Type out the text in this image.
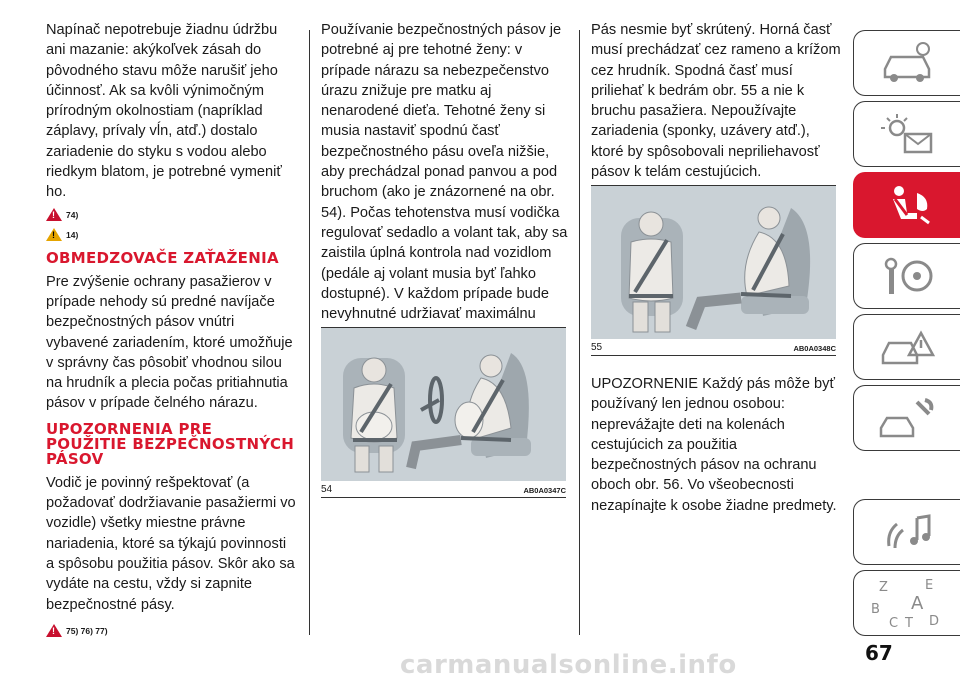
Napínač nepotrebuje žiadnu údržbu ani mazanie: akýkoľvek zásah do pôvodného stavu môže narušiť jeho účinnosť. Ak sa kvôli výnimočným prírodným okolnostiam (napríklad záplavy, prívaly vĺn, atď.) dostalo zariadenie do styku s vodou alebo riedkym blatom, je potrebné vymeniť ho.

!
74)
!
14)
OBMEDZOVAČE ZAŤAŽENIA

Pre zvýšenie ochrany pasažierov v prípade nehody sú predné navíjače bezpečnostných pásov vnútri vybavené zariadením, ktoré umožňuje v správny čas pôsobiť vhodnou silou na hrudník a plecia počas pritiahnutia pásov v prípade čelného nárazu.

UPOZORNENIA PRE POUŽITIE BEZPEČNOSTNÝCH PÁSOV

Vodič je povinný rešpektovať (a požadovať dodržiavanie pasažiermi vo vozidle) všetky miestne právne nariadenia, ktoré sa týkajú povinnosti a spôsobu použitia pásov. Skôr ako sa vydáte na cestu, vždy si zapnite bezpečnostné pásy.

!
75) 76) 77)

Používanie bezpečnostných pásov je potrebné aj pre tehotné ženy: v prípade nárazu sa nebezpečenstvo úrazu znižuje pre matku aj nenarodené dieťa. Tehotné ženy si musia nastaviť spodnú časť bezpečnostného pásu oveľa nižšie, aby prechádzal ponad panvou a pod bruchom (ako je znázornené na obr. 54). Počas tehotenstva musí vodička regulovať sedadlo a volant tak, aby sa zaistila úplná kontrola nad vozidlom (pedále aj volant musia byť ľahko dostupné). V každom prípade bude nevyhnutné udržiavať maximálnu

54	AB0A0347C

Pás nesmie byť skrútený. Horná časť musí prechádzať cez rameno a krížom cez hrudník. Spodná časť musí priliehať k bedrám obr. 55 a nie k bruchu pasažiera. Nepoužívajte zariadenia (sponky, uzávery atď.), ktoré by spôsobovali nepriliehavosť pásov k telám cestujúcich.

55	AB0A0348C

UPOZORNENIE Každý pás môže byť používaný len jednou osobou: neprevážajte deti na kolenách cestujúcich za použitia bezpečnostných pásov na ochranu oboch obr. 56. Vo všeobecnosti nezapínajte k osobe žiadne predmety.

Z	E
A
B
C T D
67
carmanualsonline.info
